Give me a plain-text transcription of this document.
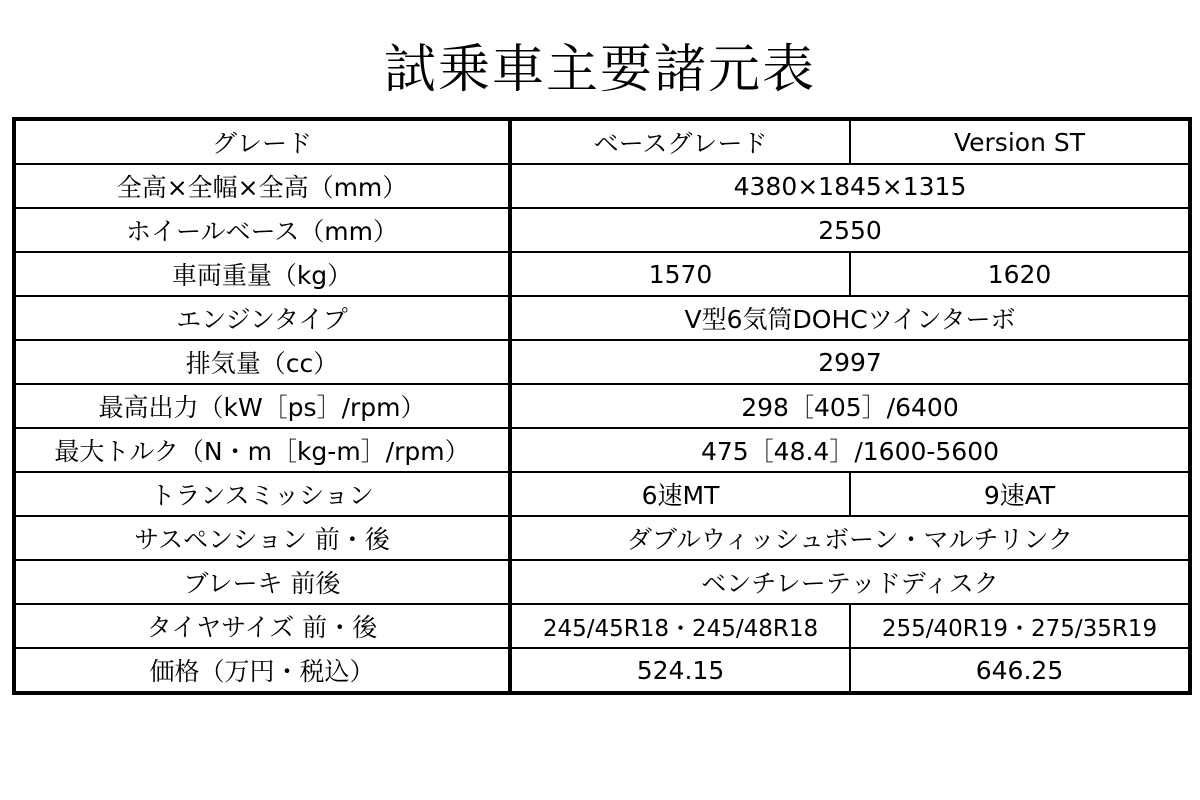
試乗車主要諸元表
グレード	ベースグレード	Version ST
全高×全幅×全高（mm）	4380×1845×1315	
ホイールベース（mm）	2550	
車両重量（kg）	1570	1620
エンジンタイプ	V型6気筒DOHCツインターボ	
排気量（cc）	2997	
最高出力（kW［ps］/rpm）	298［405］/6400	
最大トルク（N・m［kg-m］/rpm）	475［48.4］/1600-5600	
トランスミッション	6速MT	9速AT
サスペンション 前・後	ダブルウィッシュボーン・マルチリンク	
ブレーキ 前後	ベンチレーテッドディスク	
タイヤサイズ 前・後	245/45R18・245/48R18	255/40R19・275/35R19
価格（万円・税込）	524.15	646.25
